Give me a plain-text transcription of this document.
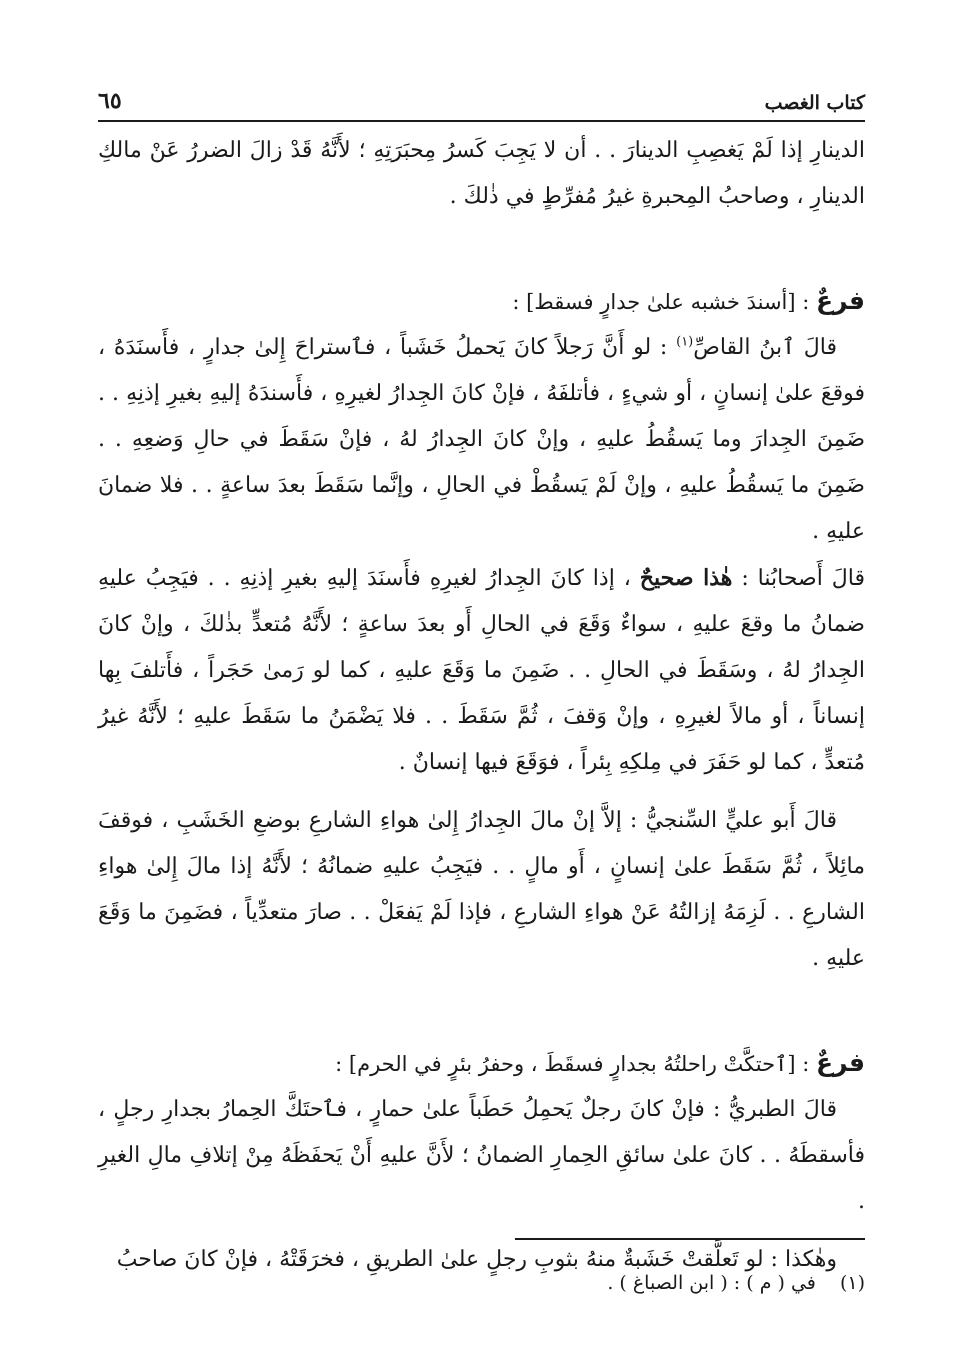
كتاب الغصب
٦٥

الدينارِ إذا لَمْ يَغصِبِ الدينارَ . . أن لا يَجِبَ كَسرُ مِحبَرَتِهِ ؛ لأَنَّهُ قَدْ زالَ الضررُ عَنْ مالكِ الدينارِ ، وصاحبُ المِحبرةِ غيرُ مُفرِّطٍ في ذٰلكَ .

فرعٌ : [أسندَ خشبه علىٰ جدارٍ فسقط] :

قالَ ٱبنُ القاصِّ$^{(١)}$ : لو أَنَّ رَجلاً كانَ يَحملُ خَشَباً ، فٱستراحَ إِلىٰ جدارٍ ، فأَسنَدَهُ ، فوقعَ علىٰ إنسانٍ ، أو شيءٍ ، فأتلفَهُ ، فإنْ كانَ الجِدارُ لغيرِهِ ، فأَسندَهُ إليهِ بغيرِ إذنِهِ . . ضَمِنَ الجِدارَ وما يَسقُطُ عليهِ ، وإنْ كانَ الجِدارُ لهُ ، فإنْ سَقَطَ في حالِ وَضعِهِ . . ضَمِنَ ما يَسقُطُ عليهِ ، وإنْ لَمْ يَسقُطْ في الحالِ ، وإنَّما سَقَطَ بعدَ ساعةٍ . . فلا ضمانَ عليهِ .

قالَ أَصحابُنا : هٰذا صحيحٌ ، إذا كانَ الجِدارُ لغيرِهِ فأَسنَدَ إليهِ بغيرِ إذنِهِ . . فيَجِبُ عليهِ ضمانُ ما وقعَ عليهِ ، سواءٌ وَقَعَ في الحالِ أَو بعدَ ساعةٍ ؛ لأَنَّهُ مُتعدٍّ بذٰلكَ ، وإنْ كانَ الجِدارُ لهُ ، وسَقَطَ في الحالِ . . ضَمِنَ ما وَقَعَ عليهِ ، كما لو رَمىٰ حَجَراً ، فأَتلفَ بِها إنساناً ، أو مالاً لغيرِهِ ، وإنْ وَقفَ ، ثُمَّ سَقَطَ . . فلا يَضْمَنُ ما سَقَطَ عليهِ ؛ لأَنَّهُ غيرُ مُتعدٍّ ، كما لو حَفَرَ في مِلكِهِ بِئراً ، فوَقَعَ فيها إنسانٌ .

قالَ أَبو عليٍّ السِّنجيُّ : إلاَّ إنْ مالَ الجِدارُ إِلىٰ هواءِ الشارعِ بوضعِ الخَشَبِ ، فوقفَ مائِلاً ، ثُمَّ سَقَطَ علىٰ إنسانٍ ، أَو مالٍ . . فيَجِبُ عليهِ ضمانُهُ ؛ لأَنَّهُ إذا مالَ إِلىٰ هواءِ الشارعِ . . لَزِمَهُ إزالتُهُ عَنْ هواءِ الشارعِ ، فإذا لَمْ يَفعَلْ . . صارَ متعدِّياً ، فضَمِنَ ما وَقَعَ عليهِ .

فرعٌ : [ٱحتكَّتْ راحلتُهُ بجدارٍ فسقَطَ ، وحفرُ بئرٍ في الحرم] :

قالَ الطبريُّ : فإنْ كانَ رجلٌ يَحمِلُ حَطَباً علىٰ حمارٍ ، فٱحتَكَّ الحِمارُ بجدارِ رجلٍ ، فأسقطَهُ . . كانَ علىٰ سائقِ الحِمارِ الضمانُ ؛ لأَنَّ عليهِ أَنْ يَحفَظَهُ مِنْ إتلافِ مالِ الغيرِ .

وهٰكذا : لو تَعلَّقتْ خَشَبةٌ منهُ بثوبِ رجلٍ علىٰ الطريقِ ، فخرَقَتْهُ ، فإنْ كانَ صاحبُ

(١) في ( م ) : ( ابن الصباغ ) .
